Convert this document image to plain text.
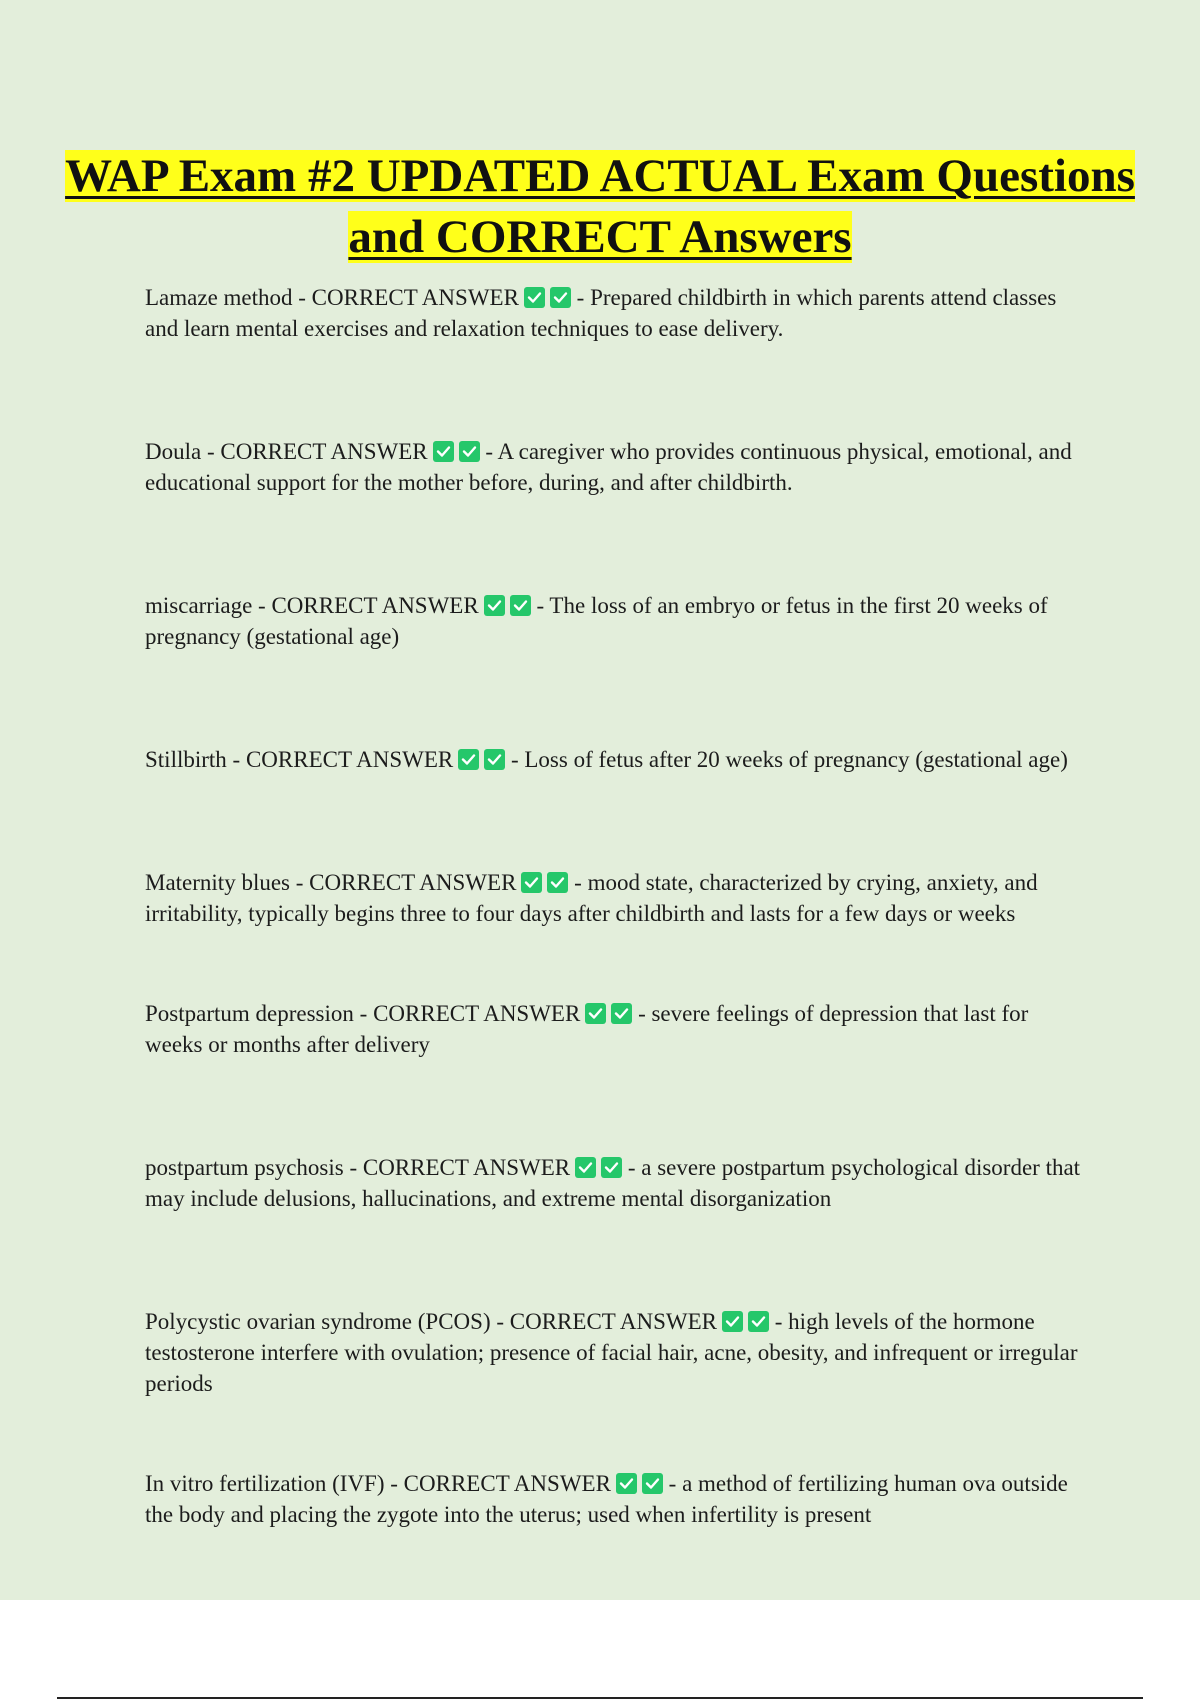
WAP Exam #2 UPDATED ACTUAL Exam Questions and CORRECT Answers

Lamaze method - CORRECT ANSWER
- Prepared childbirth in which parents attend classes and learn mental exercises and relaxation techniques to ease delivery.

Doula - CORRECT ANSWER
- A caregiver who provides continuous physical, emotional, and educational support for the mother before, during, and after childbirth.

miscarriage - CORRECT ANSWER
- The loss of an embryo or fetus in the first 20 weeks of pregnancy (gestational age)

Stillbirth - CORRECT ANSWER
- Loss of fetus after 20 weeks of pregnancy (gestational age)

Maternity blues - CORRECT ANSWER
- mood state, characterized by crying, anxiety, and irritability, typically begins three to four days after childbirth and lasts for a few days or weeks

Postpartum depression - CORRECT ANSWER
- severe feelings of depression that last for weeks or months after delivery

postpartum psychosis - CORRECT ANSWER
- a severe postpartum psychological disorder that may include delusions, hallucinations, and extreme mental disorganization

Polycystic ovarian syndrome (PCOS) - CORRECT ANSWER
- high levels of the hormone testosterone interfere with ovulation; presence of facial hair, acne, obesity, and infrequent or irregular periods

In vitro fertilization (IVF) - CORRECT ANSWER
- a method of fertilizing human ova outside the body and placing the zygote into the uterus; used when infertility is present
